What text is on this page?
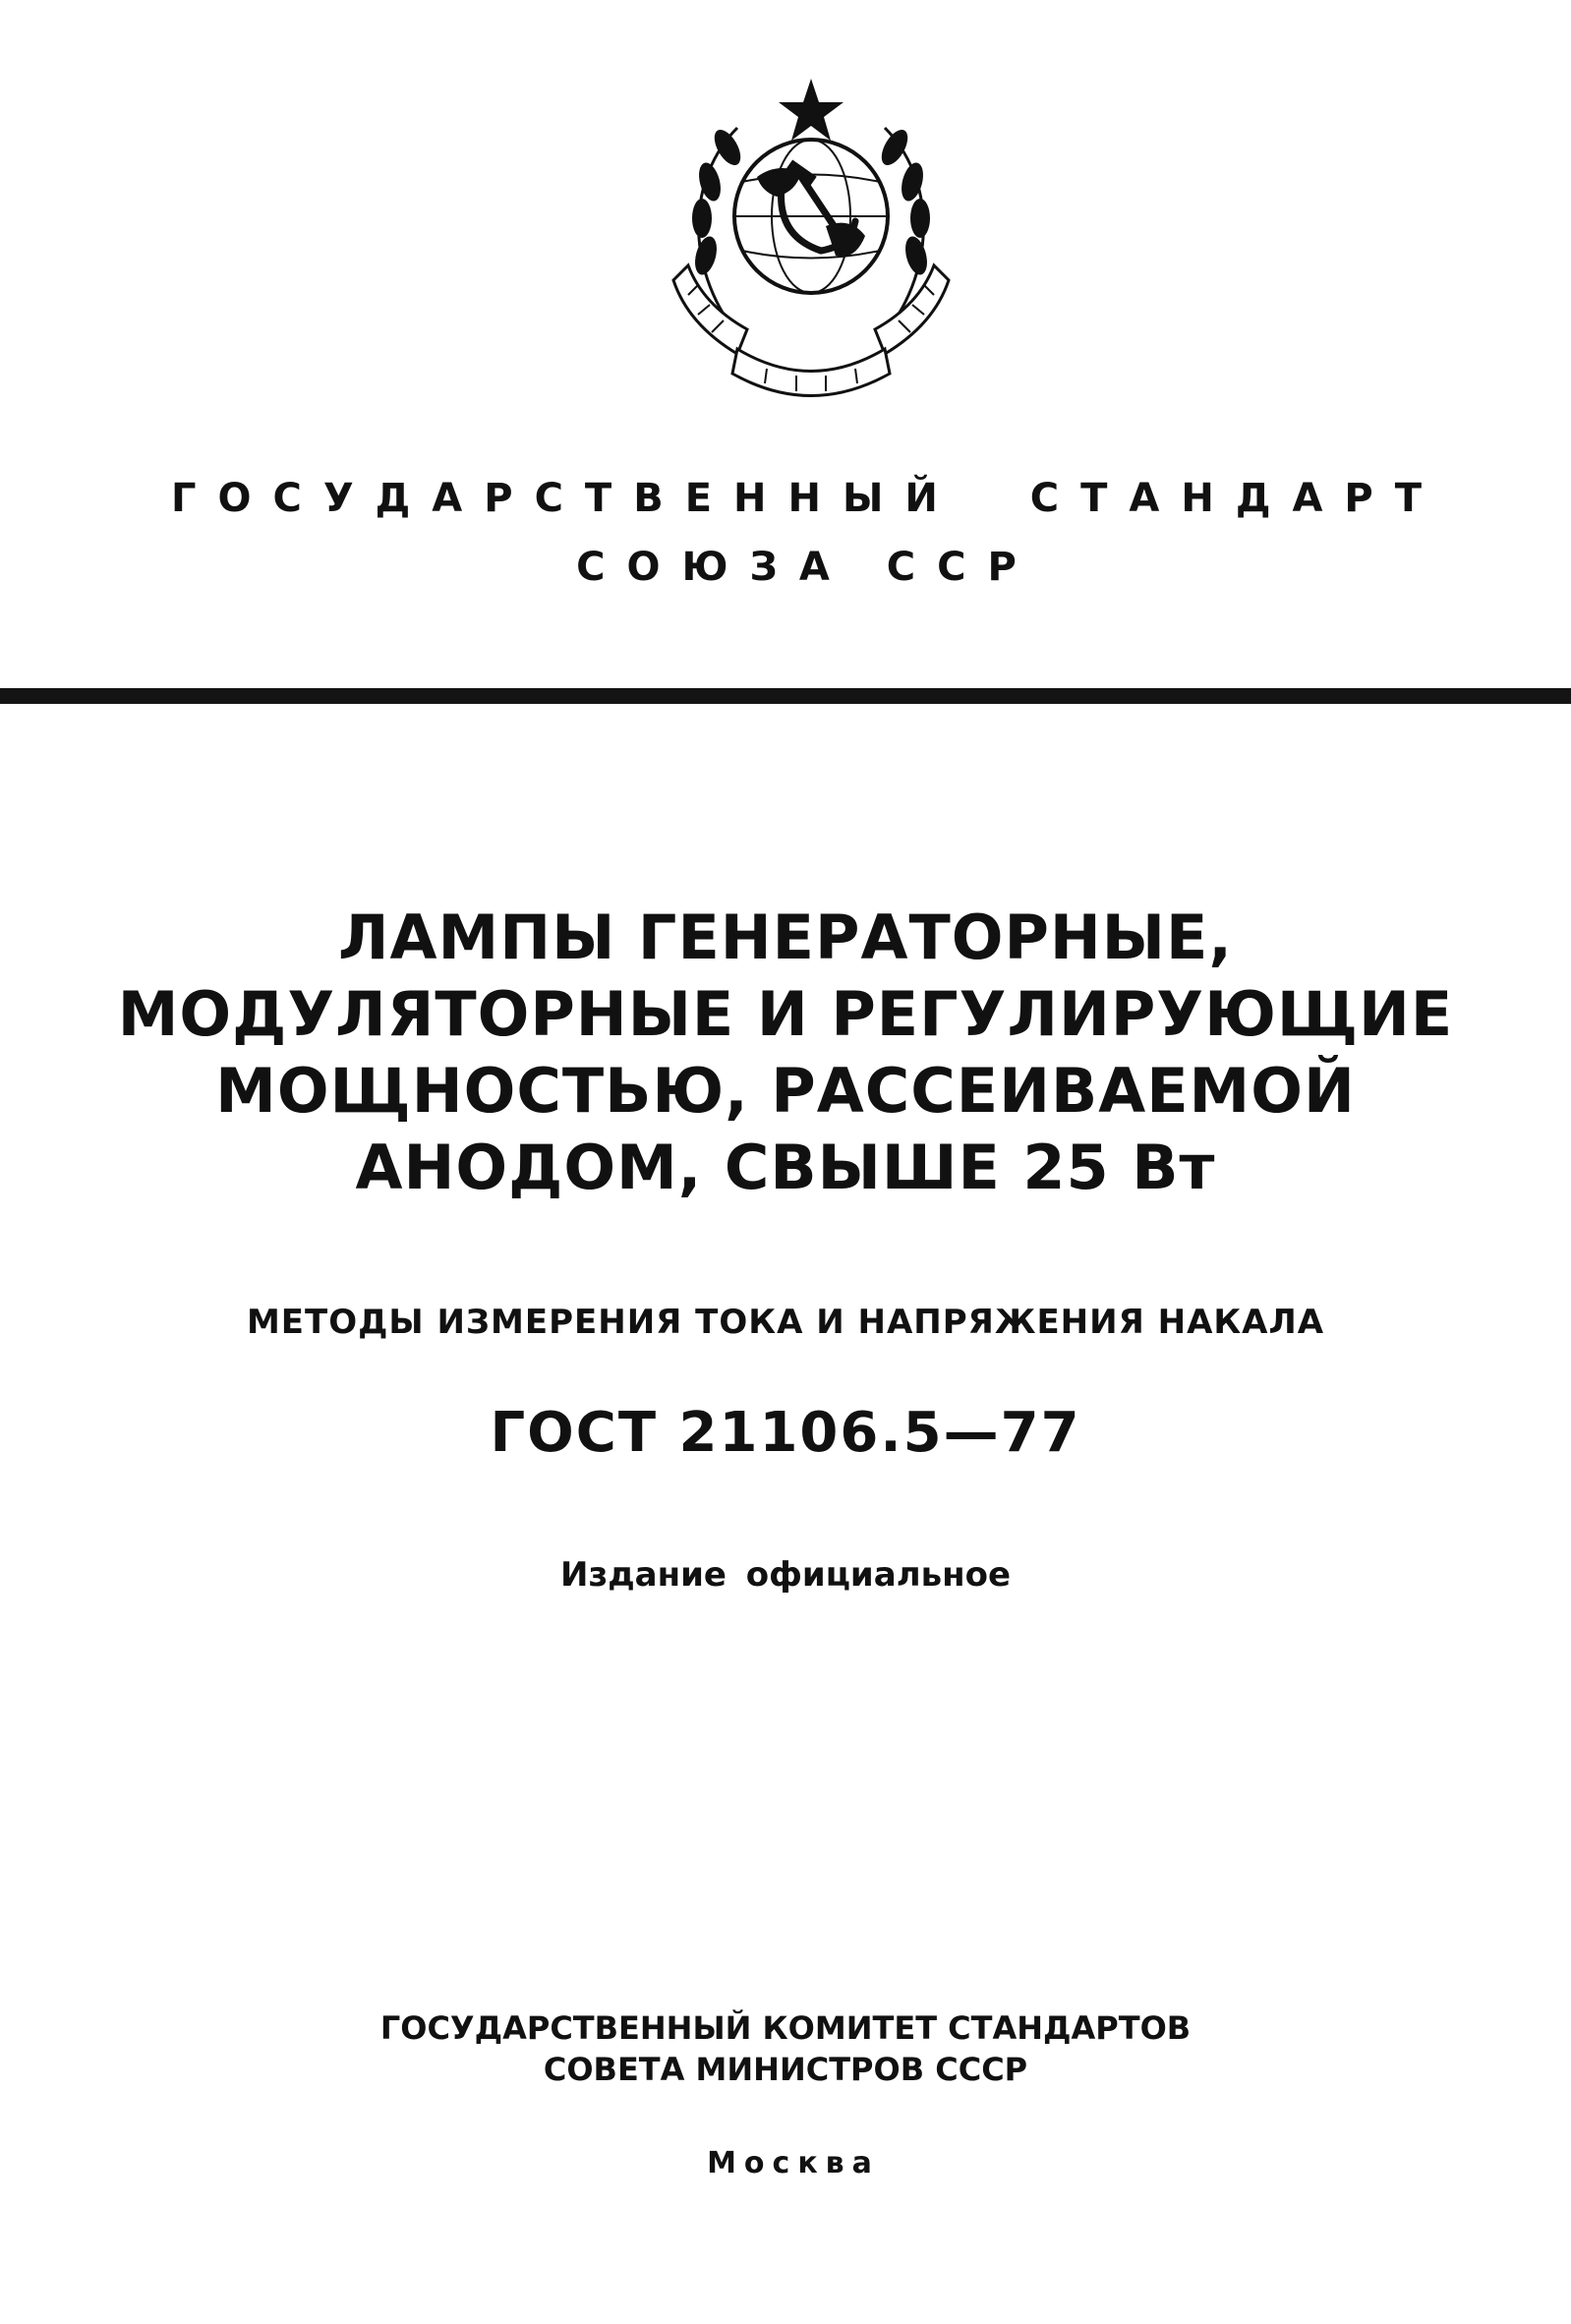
ГОСУДАРСТВЕННЫЙ  СТАНДАРТ
СОЮЗА ССР
ЛАМПЫ ГЕНЕРАТОРНЫЕ,
МОДУЛЯТОРНЫЕ И РЕГУЛИРУЮЩИЕ
МОЩНОСТЬЮ, РАССЕИВАЕМОЙ
АНОДОМ, СВЫШЕ 25 Вт
МЕТОДЫ ИЗМЕРЕНИЯ ТОКА И НАПРЯЖЕНИЯ НАКАЛА
ГОСТ 21106.5—77
Издание официальное
ГОСУДАРСТВЕННЫЙ КОМИТЕТ СТАНДАРТОВ
СОВЕТА МИНИСТРОВ СССР
Москва
